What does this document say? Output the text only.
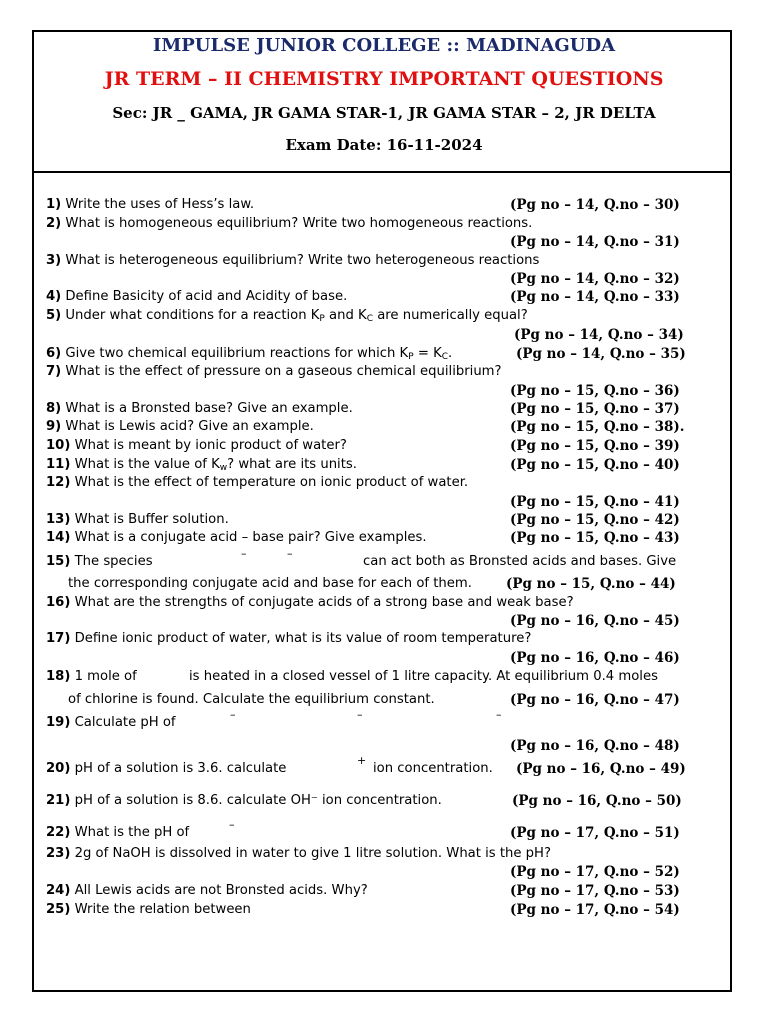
IMPULSE JUNIOR COLLEGE :: MADINAGUDA
JR TERM – II CHEMISTRY IMPORTANT QUESTIONS
Sec: JR _ GAMA, JR GAMA STAR-1, JR GAMA STAR – 2, JR DELTA
Exam Date: 16-11-2024
1) Write the uses of Hess’s law.	(Pg no – 14, Q.no – 30)
2) What is homogeneous equilibrium? Write two homogeneous reactions.
(Pg no – 14, Q.no – 31)
3) What is heterogeneous equilibrium? Write two heterogeneous reactions
(Pg no – 14, Q.no – 32)
4) Define Basicity of acid and Acidity of base.	(Pg no – 14, Q.no – 33)
5) Under what conditions for a reaction $K_P$ and $K_C$ are numerically equal?
(Pg no – 14, Q.no – 34)
6) Give two chemical equilibrium reactions for which $K_P = K_C$.	(Pg no – 14, Q.no – 35)
7) What is the effect of pressure on a gaseous chemical equilibrium?
(Pg no – 15, Q.no – 36)
8) What is a Bronsted base? Give an example.	(Pg no – 15, Q.no – 37)
9) What is Lewis acid? Give an example.	(Pg no – 15, Q.no – 38).
10) What is meant by ionic product of water?	(Pg no – 15, Q.no – 39)
11) What is the value of $K_w$? what are its units.	(Pg no – 15, Q.no – 40)
12) What is the effect of temperature on ionic product of water.
(Pg no – 15, Q.no – 41)
13) What is Buffer solution.	(Pg no – 15, Q.no – 42)
14) What is a conjugate acid – base pair? Give examples.	(Pg no – 15, Q.no – 43)
15) The species
–	–
can act both as Bronsted acids and bases. Give
the corresponding conjugate acid and base for each of them.	(Pg no – 15, Q.no – 44)
16) What are the strengths of conjugate acids of a strong base and weak base?
(Pg no – 16, Q.no – 45)
17) Define ionic product of water, what is its value of room temperature?
(Pg no – 16, Q.no – 46)
18) 1 mole of	is heated in a closed vessel of 1 litre capacity. At equilibrium 0.4 moles
of chlorine is found. Calculate the equilibrium constant.	(Pg no – 16, Q.no – 47)
19) Calculate pH of
–	–	–
(Pg no – 16, Q.no – 48)
20) pH of a solution is 3.6. calculate
+
ion concentration. (Pg no – 16, Q.no – 49)
21) pH of a solution is 8.6. calculate OH⁻ ion concentration.	(Pg no – 16, Q.no – 50)
22) What is the pH of
–
(Pg no – 17, Q.no – 51)
23) 2g of NaOH is dissolved in water to give 1 litre solution. What is the pH?
(Pg no – 17, Q.no – 52)
24) All Lewis acids are not Bronsted acids. Why?	(Pg no – 17, Q.no – 53)
25) Write the relation between	(Pg no – 17, Q.no – 54)
